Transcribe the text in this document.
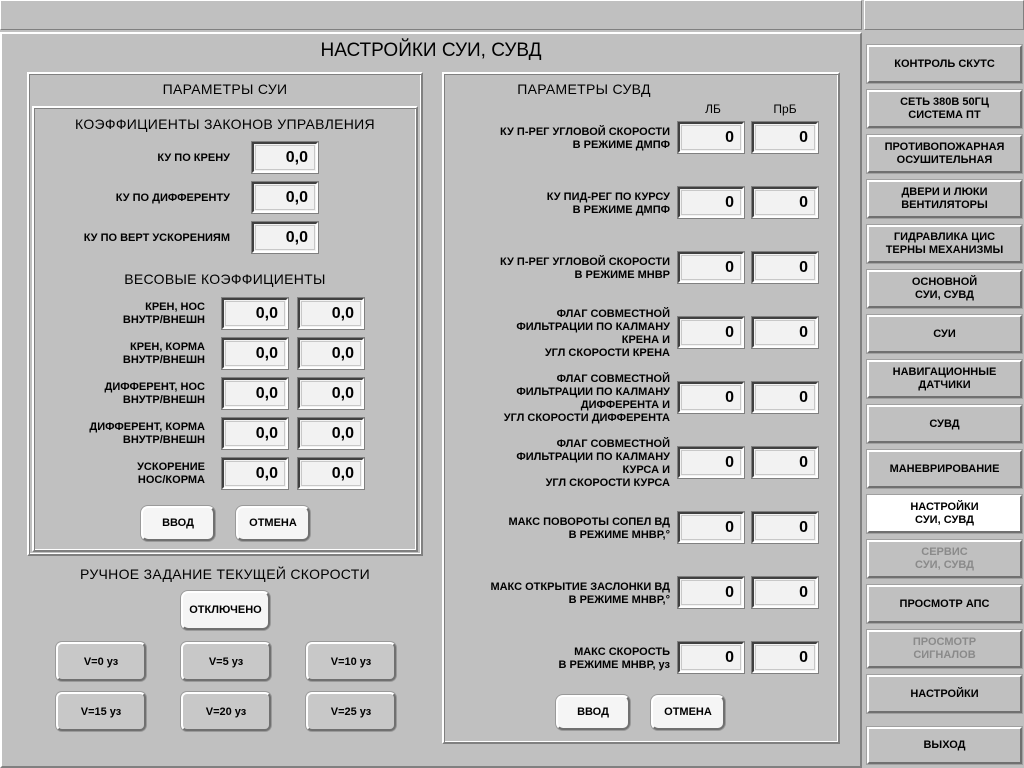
НАСТРОЙКИ СУИ, СУВД
ПАРАМЕТРЫ СУИ
КОЭФФИЦИЕНТЫ ЗАКОНОВ УПРАВЛЕНИЯ
КУ ПО КРЕНУ	0,0
КУ ПО ДИФФЕРЕНТУ	0,0
КУ ПО ВЕРТ УСКОРЕНИЯМ	0,0
ВЕСОВЫЕ КОЭФФИЦИЕНТЫ
КРЕН, НОС
ВНУТР/ВНЕШН	0,0	0,0
КРЕН, КОРМА
ВНУТР/ВНЕШН	0,0	0,0
ДИФФЕРЕНТ, НОС
ВНУТР/ВНЕШН	0,0	0,0
ДИФФЕРЕНТ, КОРМА
ВНУТР/ВНЕШН	0,0	0,0
УСКОРЕНИЕ
НОС/КОРМА	0,0	0,0
ВВОД	ОТМЕНА
РУЧНОЕ ЗАДАНИЕ ТЕКУЩЕЙ СКОРОСТИ
ОТКЛЮЧЕНО
V=0 уз	V=5 уз	V=10 уз
V=15 уз	V=20 уз	V=25 уз
ПАРАМЕТРЫ СУВД
ЛБ	ПрБ
КУ П-РЕГ УГЛОВОЙ СКОРОСТИ
В РЕЖИМЕ ДМПФ	0	0
КУ ПИД-РЕГ ПО КУРСУ
В РЕЖИМЕ ДМПФ	0	0
КУ П-РЕГ УГЛОВОЙ СКОРОСТИ
В РЕЖИМЕ МНВР	0	0
ФЛАГ СОВМЕСТНОЙ
ФИЛЬТРАЦИИ ПО КАЛМАНУ
КРЕНА И
УГЛ СКОРОСТИ КРЕНА
0	0
ФЛАГ СОВМЕСТНОЙ
ФИЛЬТРАЦИИ ПО КАЛМАНУ
ДИФФЕРЕНТА И
УГЛ СКОРОСТИ ДИФФЕРЕНТА
0	0
ФЛАГ СОВМЕСТНОЙ
ФИЛЬТРАЦИИ ПО КАЛМАНУ
КУРСА И
УГЛ СКОРОСТИ КУРСА
0	0
МАКС ПОВОРОТЫ СОПЕЛ ВД
В РЕЖИМЕ МНВР,°	0	0
МАКС ОТКРЫТИЕ ЗАСЛОНКИ ВД
В РЕЖИМЕ МНВР,°	0	0
МАКС СКОРОСТЬ
В РЕЖИМЕ МНВР, уз	0	0
ВВОД	ОТМЕНА
КОНТРОЛЬ СКУТС
СЕТЬ 380В 50ГЦ
СИСТЕМА ПТ
ПРОТИВОПОЖАРНАЯ
ОСУШИТЕЛЬНАЯ
ДВЕРИ И ЛЮКИ
ВЕНТИЛЯТОРЫ
ГИДРАВЛИКА ЦИС
ТЕРНЫ МЕХАНИЗМЫ
ОСНОВНОЙ
СУИ, СУВД
СУИ
НАВИГАЦИОННЫЕ
ДАТЧИКИ
СУВД
МАНЕВРИРОВАНИЕ
НАСТРОЙКИ
СУИ, СУВД
СЕРВИС
СУИ, СУВД
ПРОСМОТР АПС
ПРОСМОТР
СИГНАЛОВ
НАСТРОЙКИ
ВЫХОД
